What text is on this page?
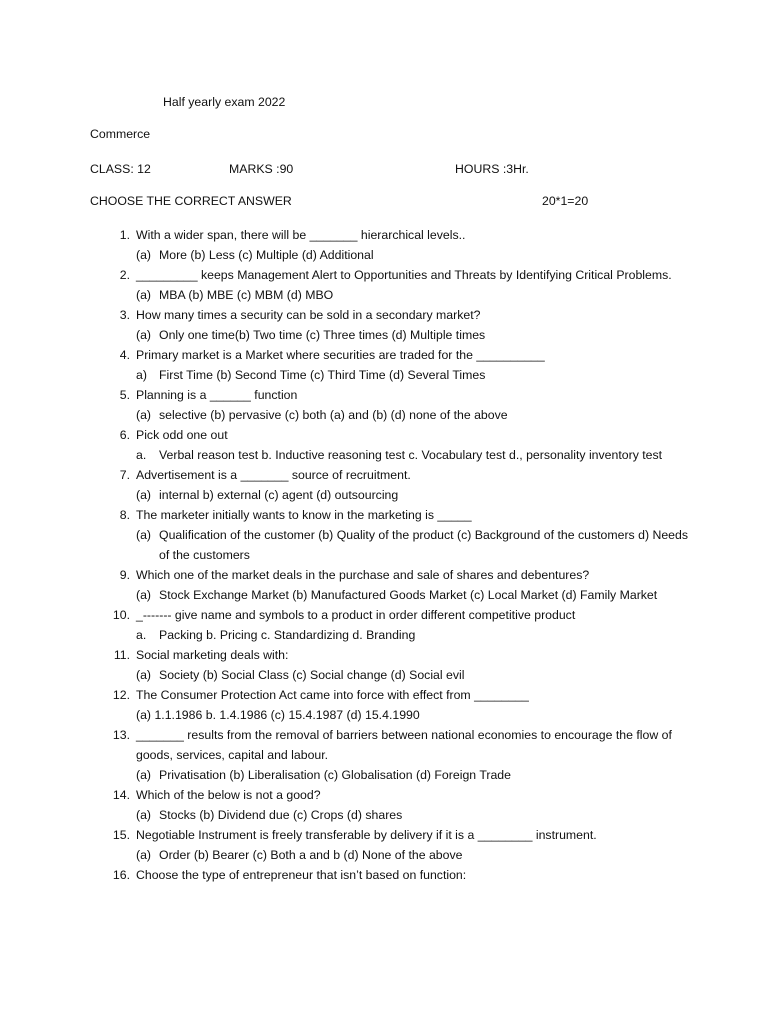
Half yearly exam 2022
Commerce
CLASS: 12	MARKS :90	HOURS :3Hr.
CHOOSE THE CORRECT ANSWER	20*1=20
1. With a wider span, there will be _______ hierarchical levels..
(a) More (b) Less (c) Multiple (d) Additional
2. _________ keeps Management Alert to Opportunities and Threats by Identifying Critical Problems.
(a) MBA (b) MBE (c) MBM (d) MBO
3. How many times a security can be sold in a secondary market?
(a) Only one time(b) Two time (c) Three times (d) Multiple times
4. Primary market is a Market where securities are traded for the __________
a) First Time (b) Second Time (c) Third Time (d) Several Times
5. Planning is a ______ function
(a) selective (b) pervasive (c) both (a) and (b) (d) none of the above
6. Pick odd one out
a. Verbal reason test b. Inductive reasoning test c. Vocabulary test d., personality inventory test
7. Advertisement is a _______ source of recruitment.
(a) internal b) external (c) agent (d) outsourcing
8. The marketer initially wants to know in the marketing is _____
(a) Qualification of the customer (b) Quality of the product (c) Background of the customers d) Needs of the customers
9. Which one of the market deals in the purchase and sale of shares and debentures?
(a) Stock Exchange Market (b) Manufactured Goods Market (c) Local Market (d) Family Market
10. _------- give name and symbols to a product in order different competitive product
a. Packing b. Pricing c. Standardizing d. Branding
11. Social marketing deals with:
(a) Society (b) Social Class (c) Social change (d) Social evil
12. The Consumer Protection Act came into force with effect from ________
(a) 1.1.1986 b. 1.4.1986 (c) 15.4.1987 (d) 15.4.1990
13. _______ results from the removal of barriers between national economies to encourage the flow of goods, services, capital and labour.
(a) Privatisation (b) Liberalisation (c) Globalisation (d) Foreign Trade
14. Which of the below is not a good?
(a) Stocks (b) Dividend due (c) Crops (d) shares
15. Negotiable Instrument is freely transferable by delivery if it is a ________ instrument.
(a) Order (b) Bearer (c) Both a and b (d) None of the above
16. Choose the type of entrepreneur that isn’t based on function:
